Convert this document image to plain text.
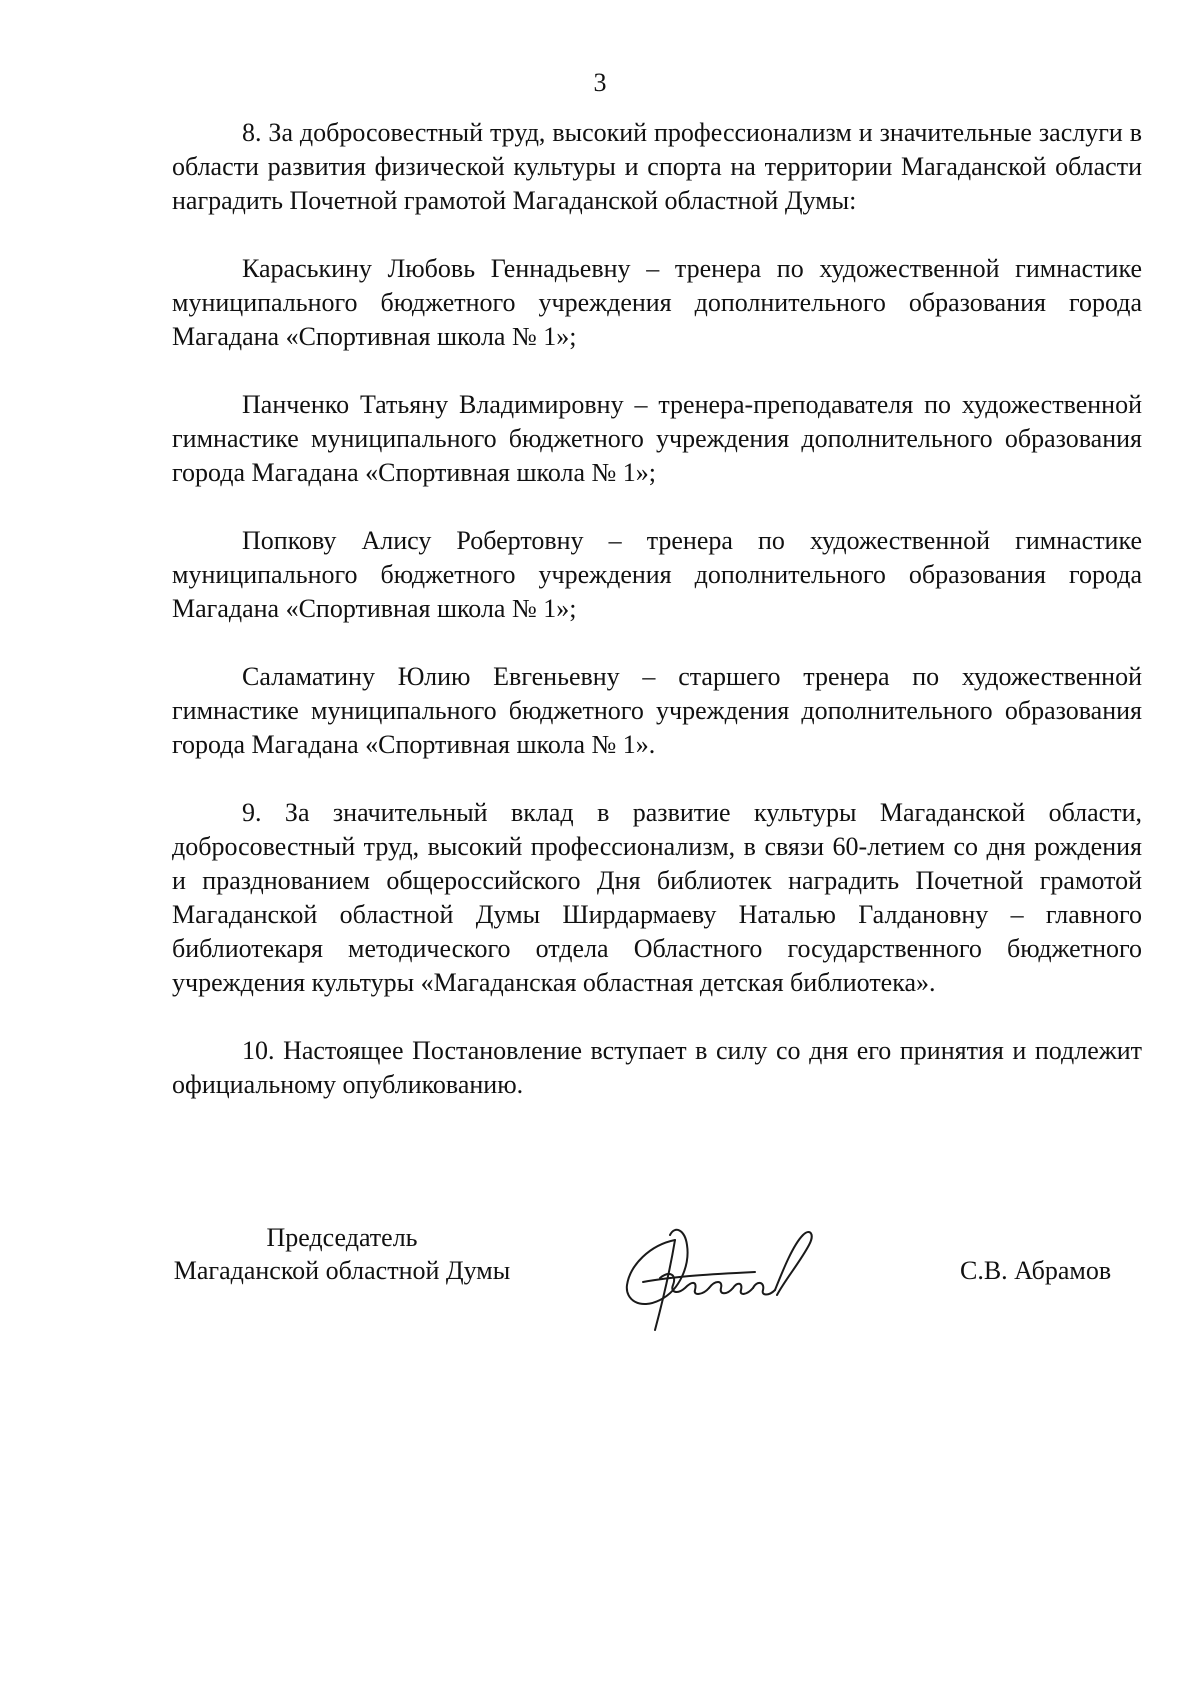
3

8. За добросовестный труд, высокий профессионализм и значительные заслуги в области развития физической культуры и спорта на территории Магаданской области наградить Почетной грамотой Магаданской областной Думы:

Караськину Любовь Геннадьевну – тренера по художественной гимнастике муниципального бюджетного учреждения дополнительного образования города Магадана «Спортивная школа № 1»;

Панченко Татьяну Владимировну – тренера-преподавателя по художественной гимнастике муниципального бюджетного учреждения дополнительного образования города Магадана «Спортивная школа № 1»;

Попкову Алису Робертовну – тренера по художественной гимнастике муниципального бюджетного учреждения дополнительного образования города Магадана «Спортивная школа № 1»;

Саламатину Юлию Евгеньевну – старшего тренера по художественной гимнастике муниципального бюджетного учреждения дополнительного образования города Магадана «Спортивная школа № 1».

9. За значительный вклад в развитие культуры Магаданской области, добросовестный труд, высокий профессионализм, в связи 60-летием со дня рождения и празднованием общероссийского Дня библиотек наградить Почетной грамотой Магаданской областной Думы Ширдармаеву Наталью Галдановну – главного библиотекаря методического отдела Областного государственного бюджетного учреждения культуры «Магаданская областная детская библиотека».

10. Настоящее Постановление вступает в силу со дня его принятия и подлежит официальному опубликованию.

Председатель
Магаданской областной Думы	С.В. Абрамов
